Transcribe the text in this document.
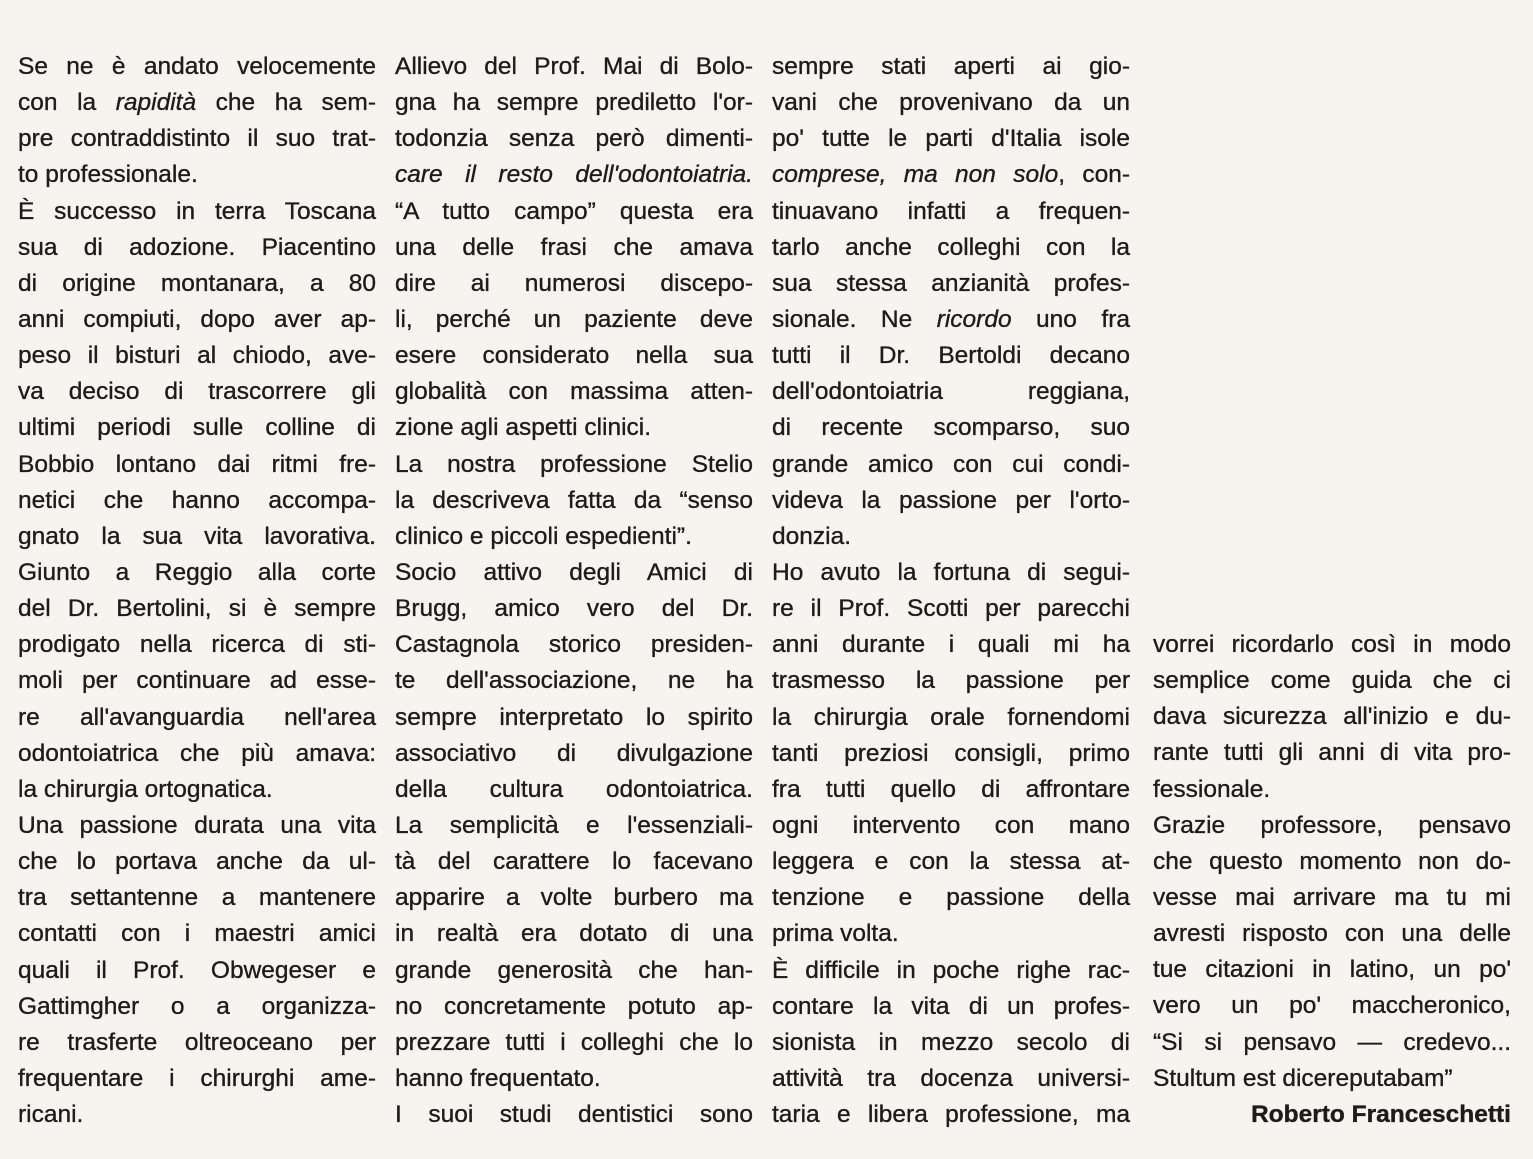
Se ne è andato velocemente
con la rapidità che ha sem-
pre contraddistinto il suo trat-
to professionale.
È successo in terra Toscana
sua di adozione. Piacentino
di origine montanara, a 80
anni compiuti, dopo aver ap-
peso il bisturi al chiodo, ave-
va deciso di trascorrere gli
ultimi periodi sulle colline di
Bobbio lontano dai ritmi fre-
netici che hanno accompa-
gnato la sua vita lavorativa.
Giunto a Reggio alla corte
del Dr. Bertolini, si è sempre
prodigato nella ricerca di sti-
moli per continuare ad esse-
re all'avanguardia nell'area
odontoiatrica che più amava:
la chirurgia ortognatica.
Una passione durata una vita
che lo portava anche da ul-
tra settantenne a mantenere
contatti con i maestri amici
quali il Prof. Obwegeser e
Gattimgher o a organizza-
re trasferte oltreoceano per
frequentare i chirurghi ame-
ricani.
Allievo del Prof. Mai di Bolo-
gna ha sempre prediletto l'or-
todonzia senza però dimenti-
care il resto dell'odontoiatria.
“A tutto campo” questa era
una delle frasi che amava
dire ai numerosi discepo-
li, perché un paziente deve
esere considerato nella sua
globalità con massima atten-
zione agli aspetti clinici.
La nostra professione Stelio
la descriveva fatta da “senso
clinico e piccoli espedienti”.
Socio attivo degli Amici di
Brugg, amico vero del Dr.
Castagnola storico presiden-
te dell'associazione, ne ha
sempre interpretato lo spirito
associativo di divulgazione
della cultura odontoiatrica.
La semplicità e l'essenziali-
tà del carattere lo facevano
apparire a volte burbero ma
in realtà era dotato di una
grande generosità che han-
no concretamente potuto ap-
prezzare tutti i colleghi che lo
hanno frequentato.
I suoi studi dentistici sono
sempre stati aperti ai gio-
vani che provenivano da un
po' tutte le parti d'Italia isole
comprese, ma non solo, con-
tinuavano infatti a frequen-
tarlo anche colleghi con la
sua stessa anzianità profes-
sionale. Ne ricordo uno fra
tutti il Dr. Bertoldi decano
dell'odontoiatria reggiana,
di recente scomparso, suo
grande amico con cui condi-
videva la passione per l'orto-
donzia.
Ho avuto la fortuna di segui-
re il Prof. Scotti per parecchi
anni durante i quali mi ha
trasmesso la passione per
la chirurgia orale fornendomi
tanti preziosi consigli, primo
fra tutti quello di affrontare
ogni intervento con mano
leggera e con la stessa at-
tenzione e passione della
prima volta.
È difficile in poche righe rac-
contare la vita di un profes-
sionista in mezzo secolo di
attività tra docenza universi-
taria e libera professione, ma
vorrei ricordarlo così in modo
semplice come guida che ci
dava sicurezza all'inizio e du-
rante tutti gli anni di vita pro-
fessionale.
Grazie professore, pensavo
che questo momento non do-
vesse mai arrivare ma tu mi
avresti risposto con una delle
tue citazioni in latino, un po'
vero un po' maccheronico,
“Si si pensavo — credevo...
Stultum est dicereputabam”
Roberto Franceschetti
